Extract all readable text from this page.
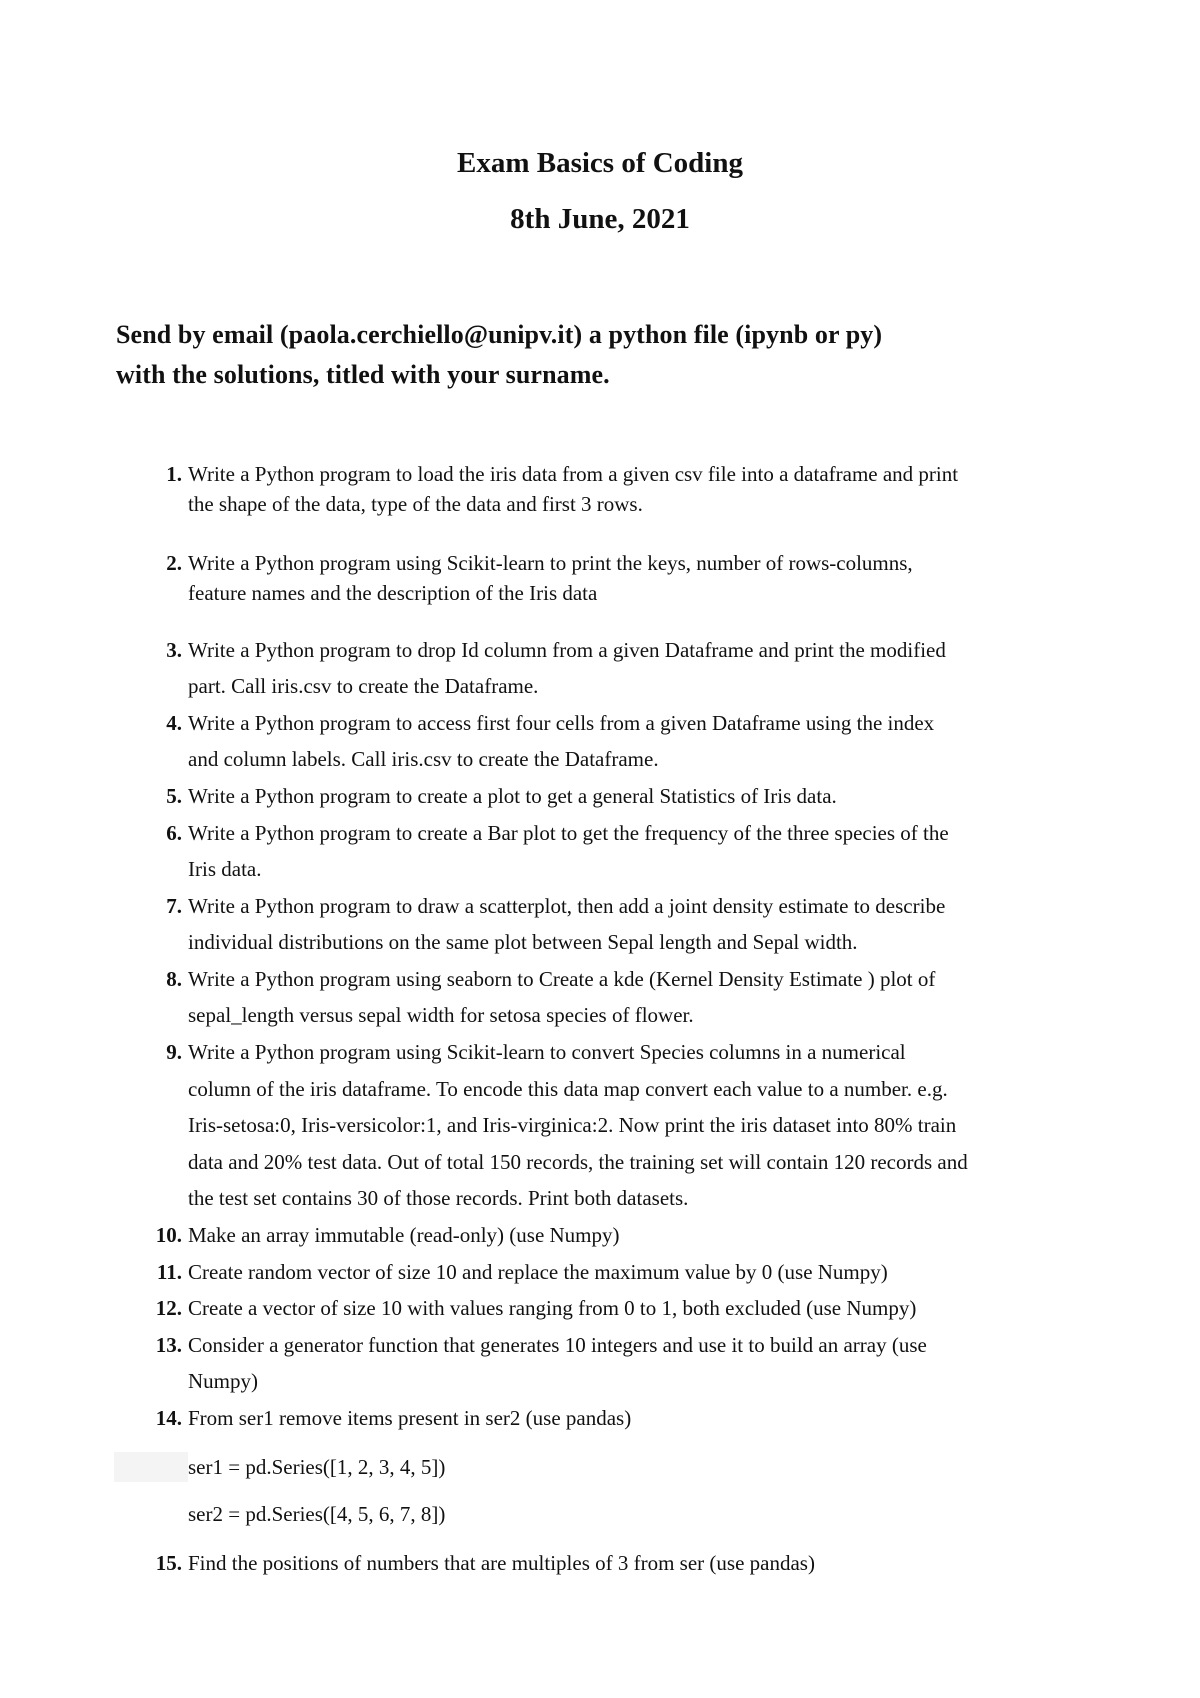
Exam Basics of Coding
8th June, 2021
Send by email (paola.cerchiello@unipv.it) a python file (ipynb or py)
with the solutions, titled with your surname.
1. Write a Python program to load the iris data from a given csv file into a dataframe and print
the shape of the data, type of the data and first 3 rows.
2. Write a Python program using Scikit-learn to print the keys, number of rows-columns,
feature names and the description of the Iris data
3. Write a Python program to drop Id column from a given Dataframe and print the modified
part. Call iris.csv to create the Dataframe.
4. Write a Python program to access first four cells from a given Dataframe using the index
and column labels. Call iris.csv to create the Dataframe.
5. Write a Python program to create a plot to get a general Statistics of Iris data.
6. Write a Python program to create a Bar plot to get the frequency of the three species of the
Iris data.
7. Write a Python program to draw a scatterplot, then add a joint density estimate to describe
individual distributions on the same plot between Sepal length and Sepal width.
8. Write a Python program using seaborn to Create a kde (Kernel Density Estimate ) plot of
sepal_length versus sepal width for setosa species of flower.
9. Write a Python program using Scikit-learn to convert Species columns in a numerical
column of the iris dataframe. To encode this data map convert each value to a number. e.g.
Iris-setosa:0, Iris-versicolor:1, and Iris-virginica:2. Now print the iris dataset into 80% train
data and 20% test data. Out of total 150 records, the training set will contain 120 records and
the test set contains 30 of those records. Print both datasets.
10. Make an array immutable (read-only) (use Numpy)
11. Create random vector of size 10 and replace the maximum value by 0 (use Numpy)
12. Create a vector of size 10 with values ranging from 0 to 1, both excluded (use Numpy)
13. Consider a generator function that generates 10 integers and use it to build an array (use
Numpy)
14. From ser1 remove items present in ser2 (use pandas)
ser1 = pd.Series([1, 2, 3, 4, 5])
ser2 = pd.Series([4, 5, 6, 7, 8])
15. Find the positions of numbers that are multiples of 3 from ser (use pandas)
